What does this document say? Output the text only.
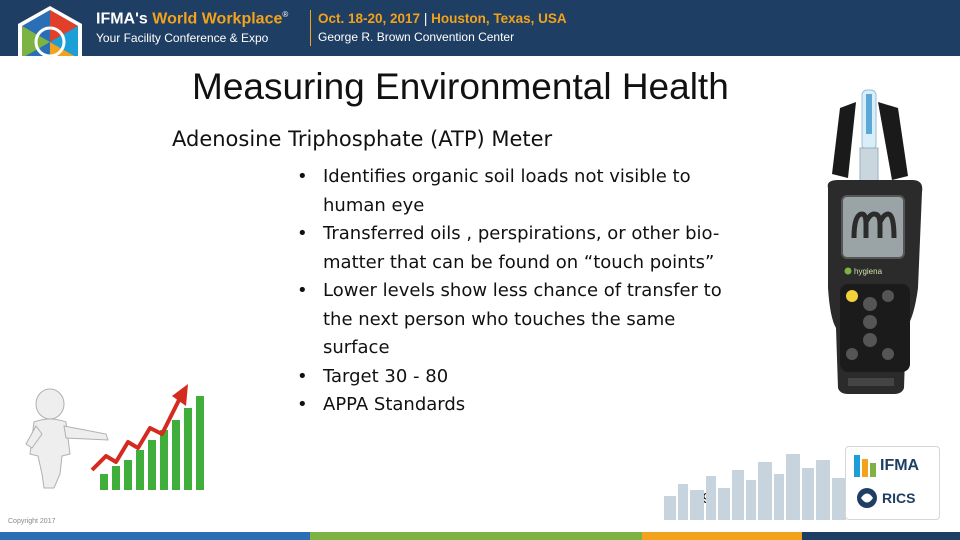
IFMA's World Workplace®
Your Facility Conference & Expo
Oct. 18-20, 2017 | Houston, Texas, USA
George R. Brown Convention Center
Measuring Environmental Health
Adenosine Triphosphate (ATP) Meter
• Identifies organic soil loads not visible to
human eye
• Transferred oils , perspirations, or other bio-
matter that can be found on “touch points”
• Lower levels show less chance of transfer to
the next person who touches the same
surface
• Target 30 - 80
• APPA Standards
hygiena
IFMA
RICS
Copyright 2017
